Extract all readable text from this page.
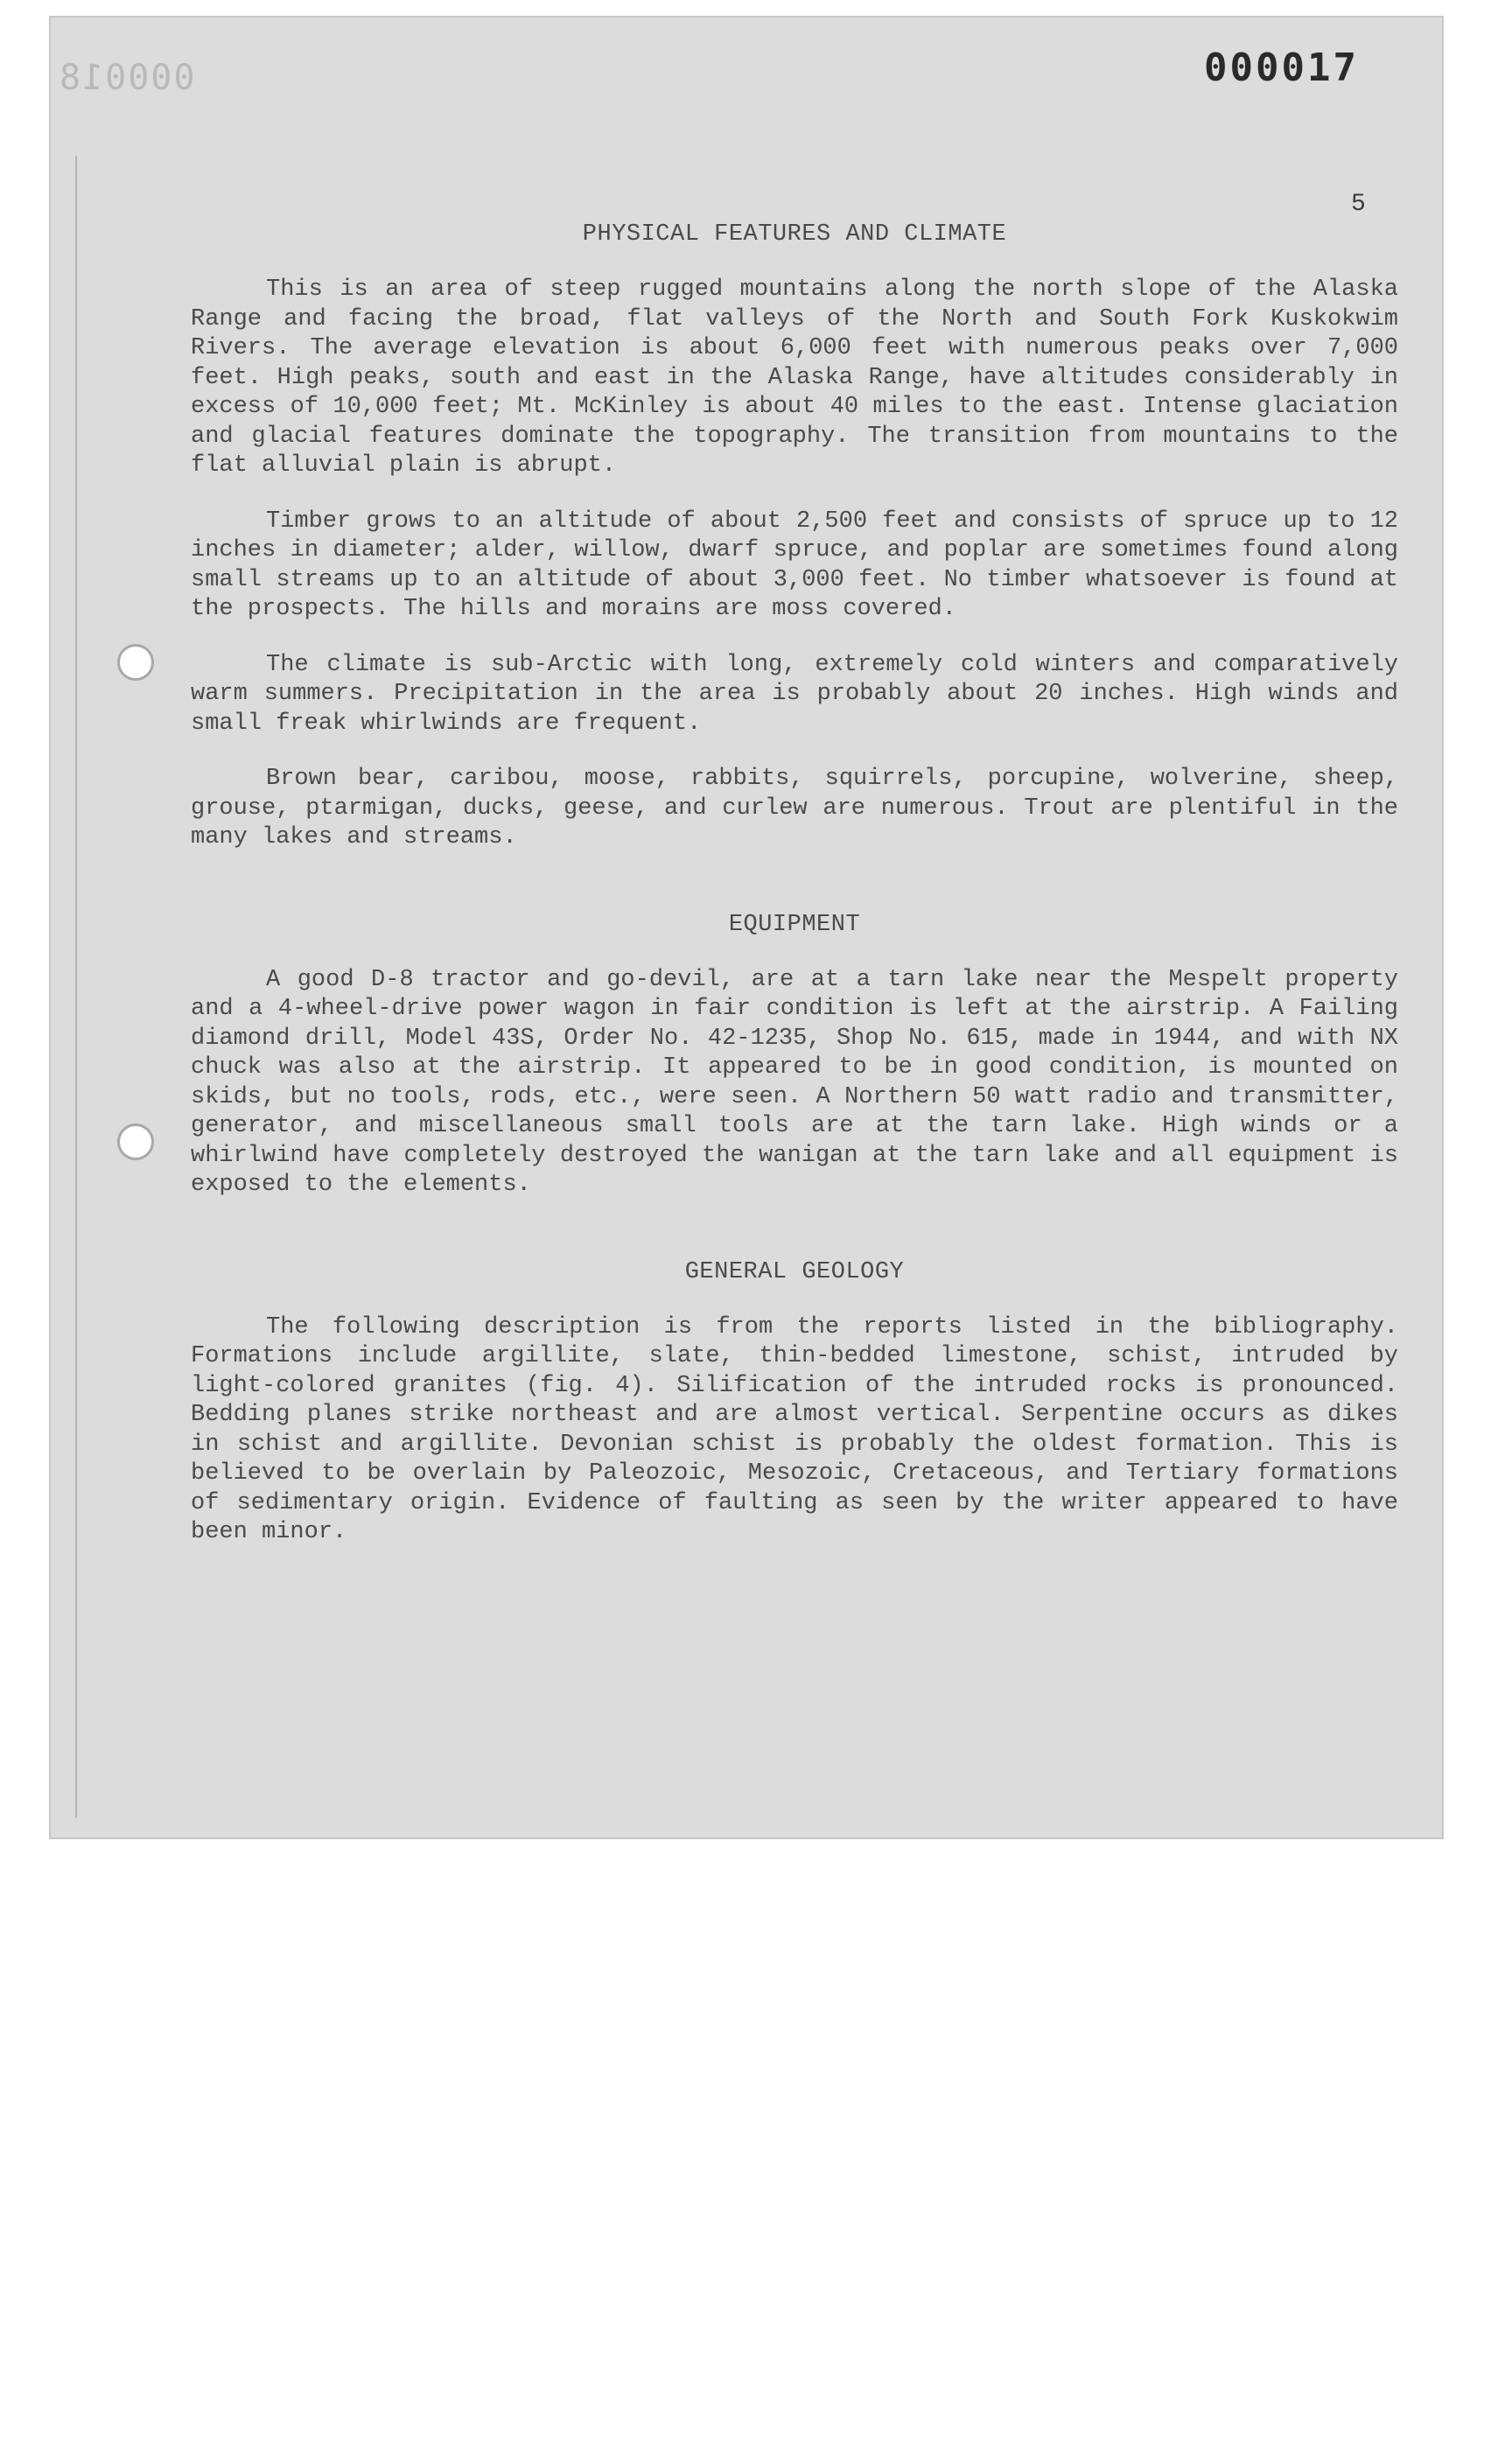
000018	000017
5
PHYSICAL FEATURES AND CLIMATE

This is an area of steep rugged mountains along the north slope of the Alaska Range and facing the broad, flat valleys of the North and South Fork Kuskokwim Rivers. The average elevation is about 6,000 feet with numerous peaks over 7,000 feet. High peaks, south and east in the Alaska Range, have altitudes considerably in excess of 10,000 feet; Mt. McKinley is about 40 miles to the east. Intense glaciation and glacial features dominate the topography. The transition from mountains to the flat alluvial plain is abrupt.

Timber grows to an altitude of about 2,500 feet and consists of spruce up to 12 inches in diameter; alder, willow, dwarf spruce, and poplar are sometimes found along small streams up to an altitude of about 3,000 feet. No timber whatsoever is found at the prospects. The hills and morains are moss covered.

The climate is sub-Arctic with long, extremely cold winters and comparatively warm summers. Precipitation in the area is probably about 20 inches. High winds and small freak whirlwinds are frequent.

Brown bear, caribou, moose, rabbits, squirrels, porcupine, wolverine, sheep, grouse, ptarmigan, ducks, geese, and curlew are numerous. Trout are plentiful in the many lakes and streams.

EQUIPMENT

A good D-8 tractor and go-devil, are at a tarn lake near the Mespelt property and a 4-wheel-drive power wagon in fair condition is left at the airstrip. A Failing diamond drill, Model 43S, Order No. 42-1235, Shop No. 615, made in 1944, and with NX chuck was also at the airstrip. It appeared to be in good condition, is mounted on skids, but no tools, rods, etc., were seen. A Northern 50 watt radio and transmitter, generator, and miscellaneous small tools are at the tarn lake. High winds or a whirlwind have completely destroyed the wanigan at the tarn lake and all equipment is exposed to the elements.

GENERAL GEOLOGY

The following description is from the reports listed in the bibliography. Formations include argillite, slate, thin-bedded limestone, schist, intruded by light-colored granites (fig. 4). Silification of the intruded rocks is pronounced. Bedding planes strike northeast and are almost vertical. Serpentine occurs as dikes in schist and argillite. Devonian schist is probably the oldest formation. This is believed to be overlain by Paleozoic, Mesozoic, Cretaceous, and Tertiary formations of sedimentary origin. Evidence of faulting as seen by the writer appeared to have been minor.
